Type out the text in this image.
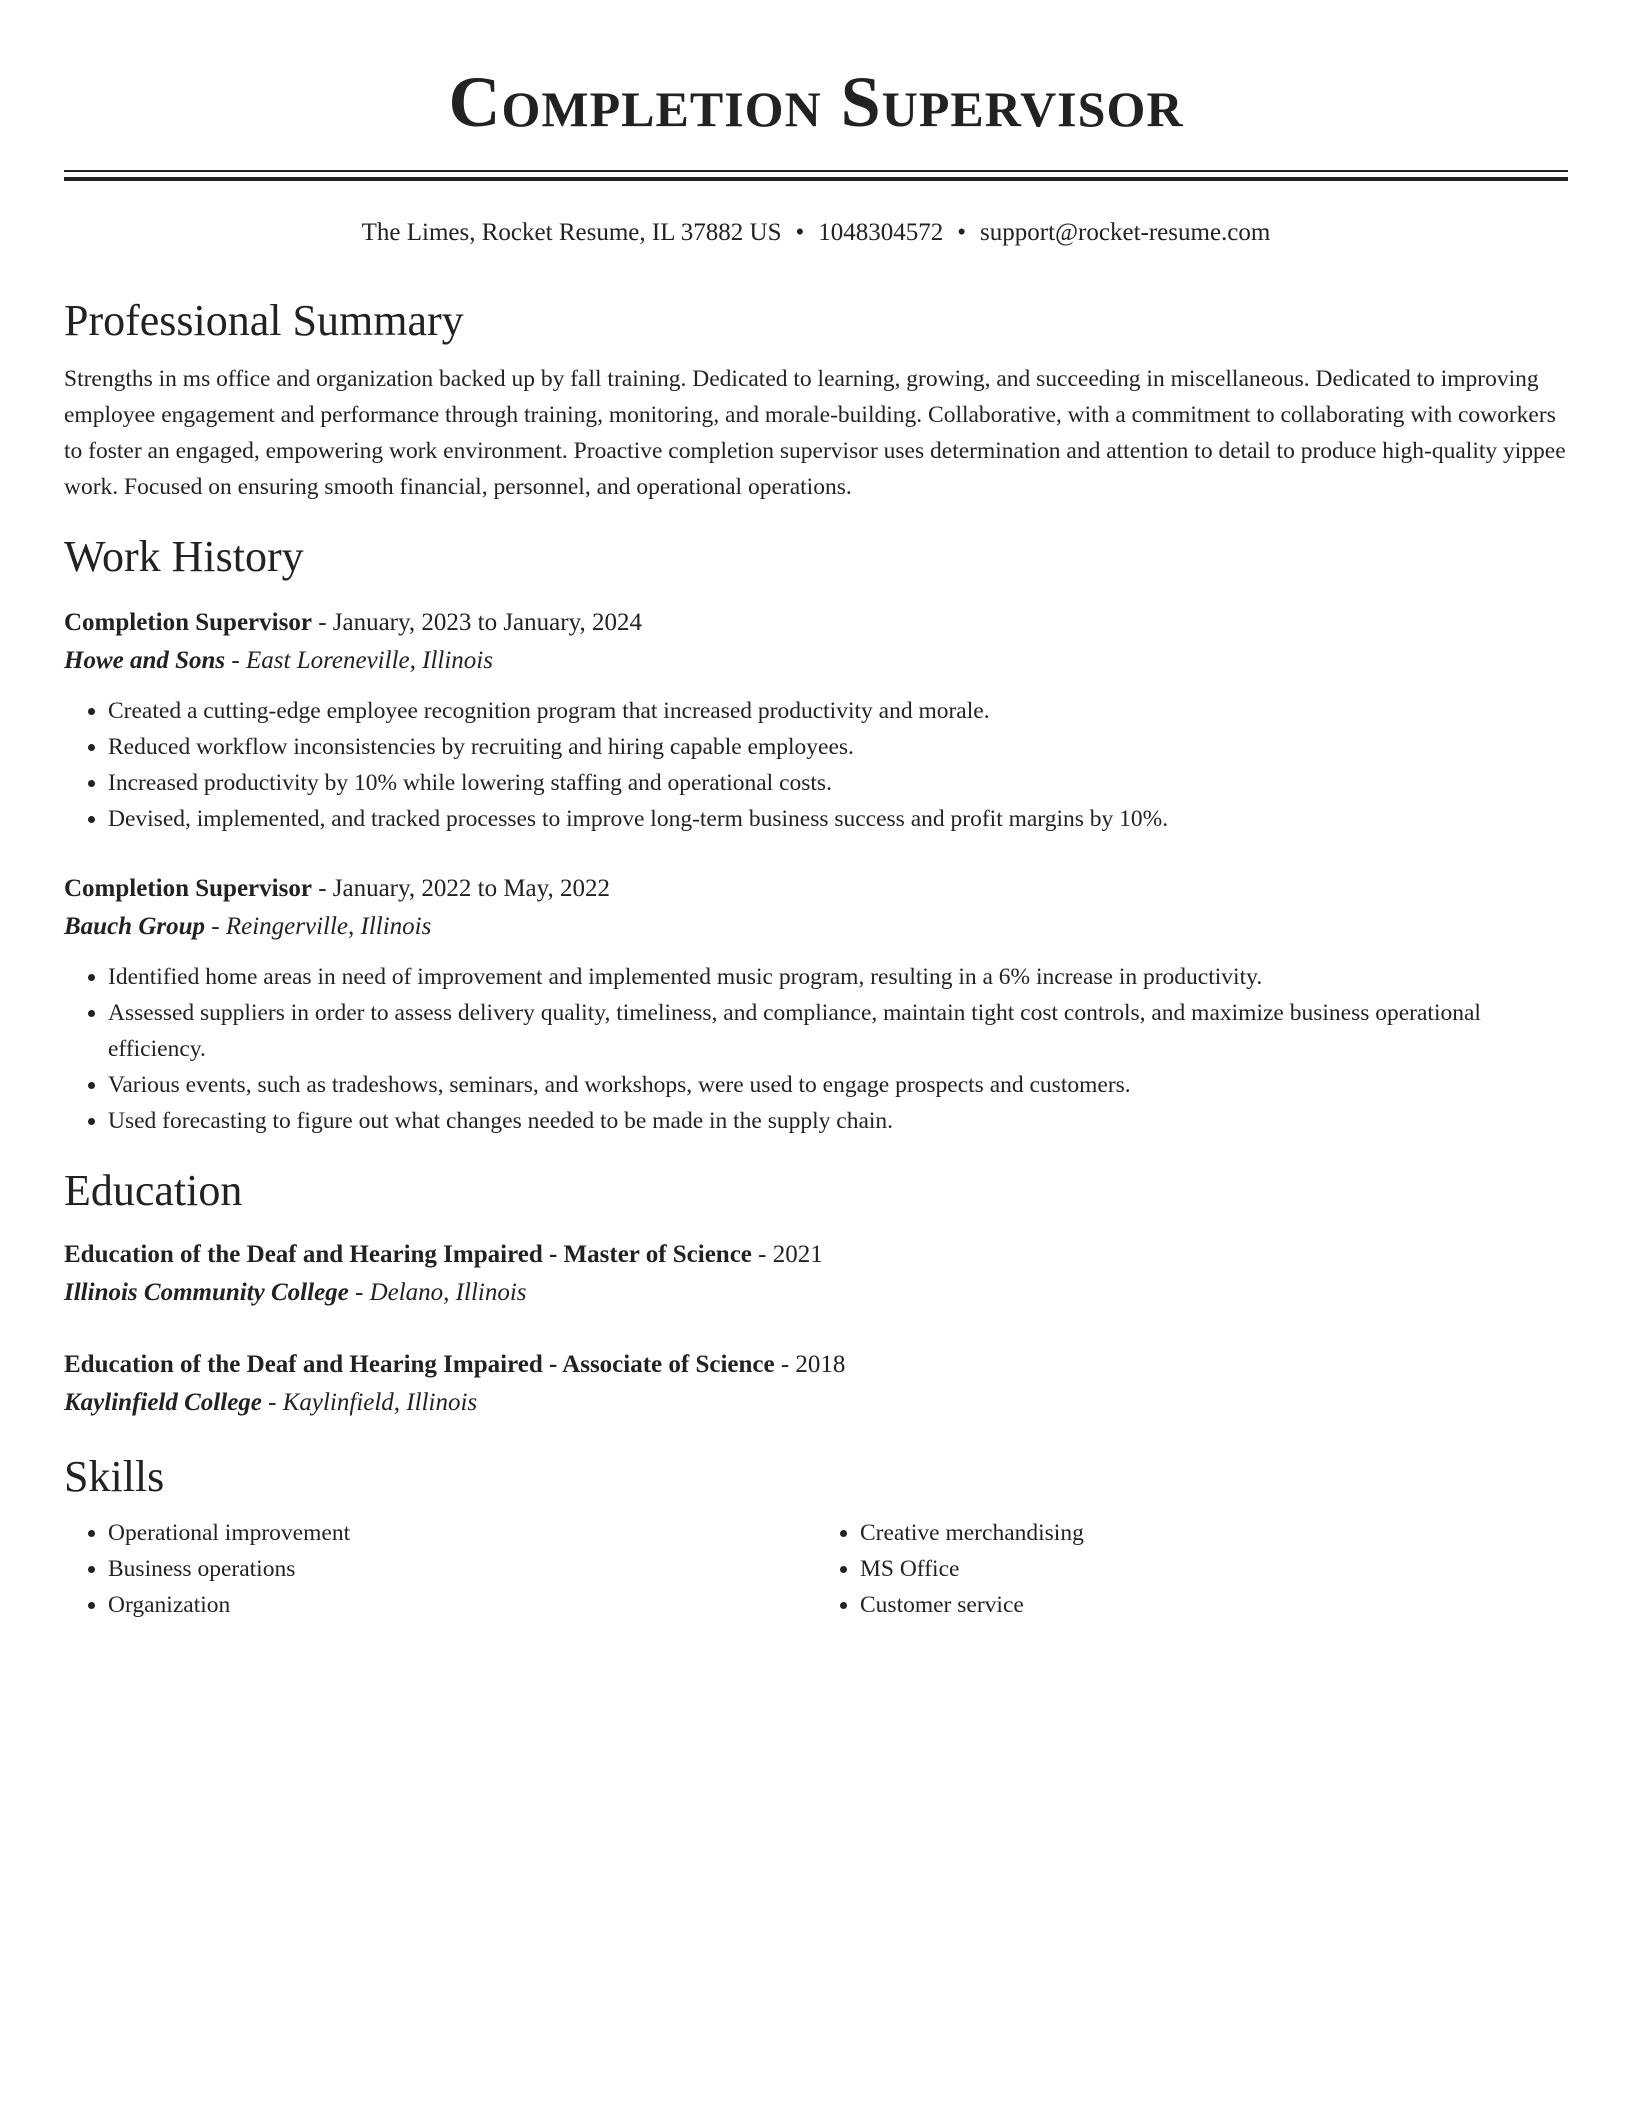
Completion Supervisor
The Limes, Rocket Resume, IL 37882 US • 1048304572 • support@rocket-resume.com
Professional Summary

Strengths in ms office and organization backed up by fall training. Dedicated to learning, growing, and succeeding in miscellaneous. Dedicated to improving employee engagement and performance through training, monitoring, and morale-building. Collaborative, with a commitment to collaborating with coworkers to foster an engaged, empowering work environment. Proactive completion supervisor uses determination and attention to detail to produce high-quality yippee work. Focused on ensuring smooth financial, personnel, and operational operations.

Work History
Completion Supervisor - January, 2023 to January, 2024
Howe and Sons - East Loreneville, Illinois
• Created a cutting-edge employee recognition program that increased productivity and morale.
• Reduced workflow inconsistencies by recruiting and hiring capable employees.
• Increased productivity by 10% while lowering staffing and operational costs.
• Devised, implemented, and tracked processes to improve long-term business success and profit margins by 10%.
Completion Supervisor - January, 2022 to May, 2022
Bauch Group - Reingerville, Illinois
• Identified home areas in need of improvement and implemented music program, resulting in a 6% increase in productivity.
• Assessed suppliers in order to assess delivery quality, timeliness, and compliance, maintain tight cost controls, and maximize business operational efficiency.
• Various events, such as tradeshows, seminars, and workshops, were used to engage prospects and customers.
• Used forecasting to figure out what changes needed to be made in the supply chain.
Education
Education of the Deaf and Hearing Impaired - Master of Science - 2021
Illinois Community College - Delano, Illinois
Education of the Deaf and Hearing Impaired - Associate of Science - 2018
Kaylinfield College - Kaylinfield, Illinois
Skills
• Operational improvement
• Business operations
• Organization
• Creative merchandising
• MS Office
• Customer service
